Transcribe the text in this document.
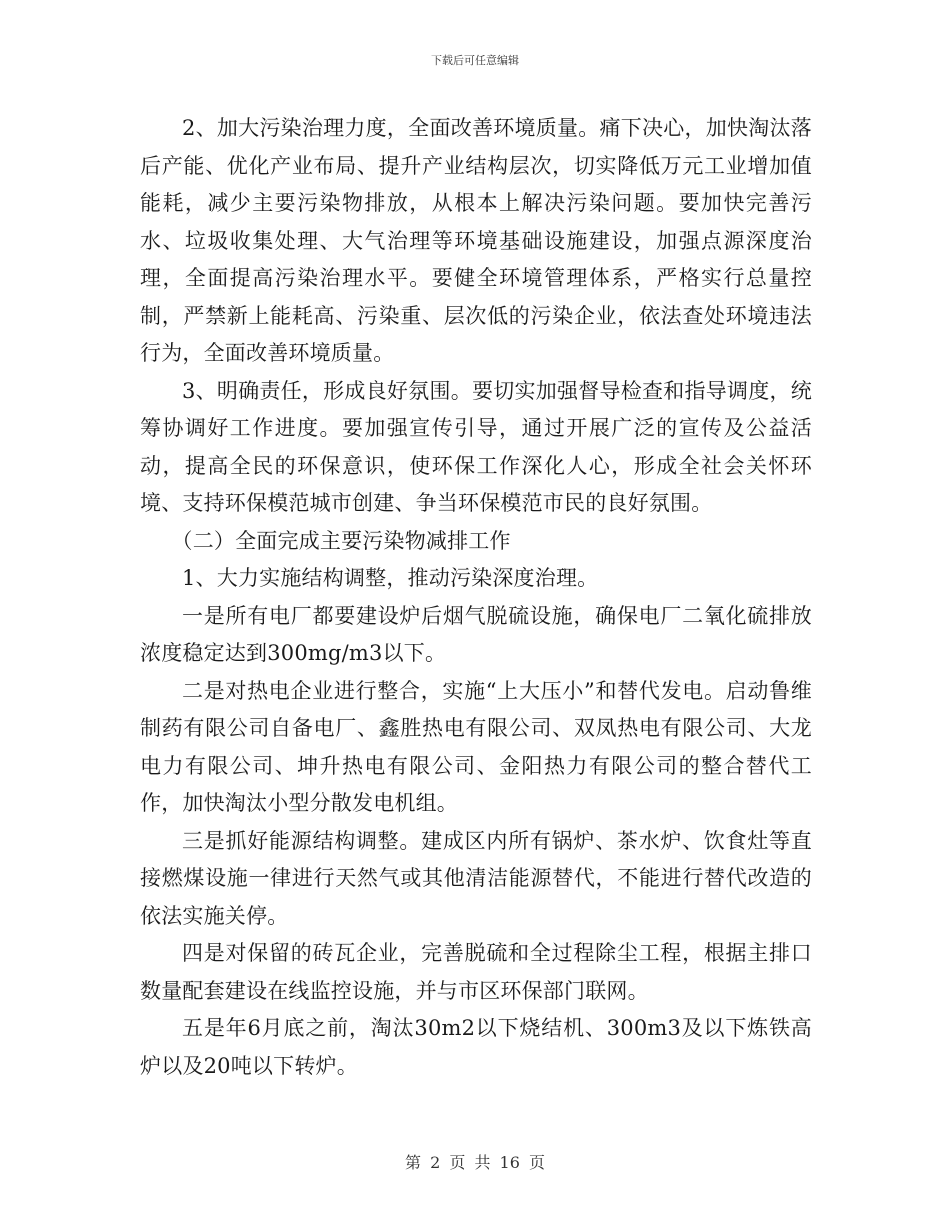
下载后可任意编辑

2、加大污染治理力度，全面改善环境质量。痛下决心，加快淘汰落后产能、优化产业布局、提升产业结构层次，切实降低万元工业增加值能耗，减少主要污染物排放，从根本上解决污染问题。要加快完善污水、垃圾收集处理、大气治理等环境基础设施建设，加强点源深度治理，全面提高污染治理水平。要健全环境管理体系，严格实行总量控制，严禁新上能耗高、污染重、层次低的污染企业，依法查处环境违法行为，全面改善环境质量。

3、明确责任，形成良好氛围。要切实加强督导检查和指导调度，统筹协调好工作进度。要加强宣传引导，通过开展广泛的宣传及公益活动，提高全民的环保意识，使环保工作深化人心，形成全社会关怀环境、支持环保模范城市创建、争当环保模范市民的良好氛围。

（二）全面完成主要污染物减排工作

1、大力实施结构调整，推动污染深度治理。

一是所有电厂都要建设炉后烟气脱硫设施，确保电厂二氧化硫排放浓度稳定达到300mg/m3以下。

二是对热电企业进行整合，实施“上大压小”和替代发电。启动鲁维制药有限公司自备电厂、鑫胜热电有限公司、双凤热电有限公司、大龙电力有限公司、坤升热电有限公司、金阳热力有限公司的整合替代工作，加快淘汰小型分散发电机组。

三是抓好能源结构调整。建成区内所有锅炉、茶水炉、饮食灶等直接燃煤设施一律进行天然气或其他清洁能源替代，不能进行替代改造的依法实施关停。

四是对保留的砖瓦企业，完善脱硫和全过程除尘工程，根据主排口数量配套建设在线监控设施，并与市区环保部门联网。

五是年6月底之前，淘汰30m2以下烧结机、300m3及以下炼铁高炉以及20吨以下转炉。

第 2 页 共 16 页
